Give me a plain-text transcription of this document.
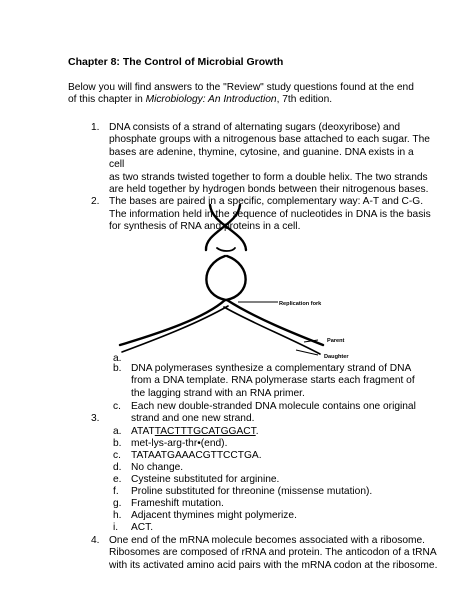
Chapter 8: The Control of Microbial Growth
Below you will find answers to the "Review" study questions found at the end of this chapter in Microbiology: An Introduction, 7th edition.
1. DNA consists of a strand of alternating sugars (deoxyribose) and
phosphate groups with a nitrogenous base attached to each sugar. The
bases are adenine, thymine, cytosine, and guanine. DNA exists in a cell
as two strands twisted together to form a double helix. The two strands
are held together by hydrogen bonds between their nitrogenous bases.
The bases are paired in a specific, complementary way: A-T and C-G.
The information held in the sequence of nucleotides in DNA is the basis
for synthesis of RNA and proteins in a cell.
2.
Replication fork
Parent
Daughter
a.
b. DNA polymerases synthesize a complementary strand of DNA
from a DNA template. RNA polymerase starts each fragment of
the lagging strand with an RNA primer.
c. Each new double-stranded DNA molecule contains one original
strand and one new strand.
3.
a. ATATTACTTTGCATGGACT.
b. met-lys-arg-thr•(end).
c. TATAATGAAACGTTCCTGA.
d. No change.
e. Cysteine substituted for arginine.
f. Proline substituted for threonine (missense mutation).
g. Frameshift mutation.
h. Adjacent thymines might polymerize.
i. ACT.
4. One end of the mRNA molecule becomes associated with a ribosome.
Ribosomes are composed of rRNA and protein. The anticodon of a tRNA
with its activated amino acid pairs with the mRNA codon at the ribosome.
